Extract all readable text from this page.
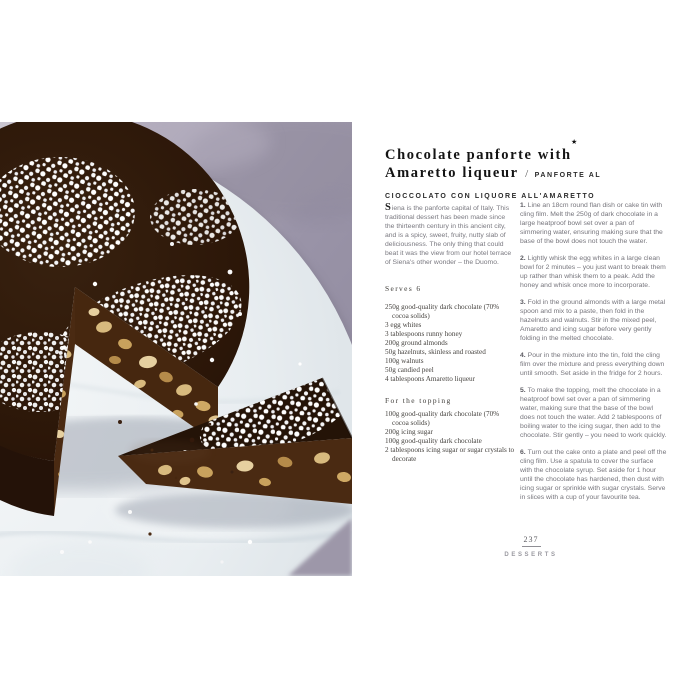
★
Chocolate panforte with
Amaretto liqueur / PANFORTE AL
CIOCCOLATO CON LIQUORE ALL'AMARETTO

Siena is the panforte capital of Italy. This traditional dessert has been made since the thirteenth century in this ancient city, and is a spicy, sweet, fruity, nutty slab of deliciousness. The only thing that could beat it was the view from our hotel terrace of Siena's other wonder – the Duomo.

Serves 6

250g good-quality dark chocolate (70% cocoa solids)
3 egg whites
3 tablespoons runny honey
200g ground almonds
50g hazelnuts, skinless and roasted
100g walnuts
50g candied peel
4 tablespoons Amaretto liqueur

For the topping

100g good-quality dark chocolate (70% cocoa solids)
200g icing sugar
100g good-quality dark chocolate
2 tablespoons icing sugar or sugar crystals to decorate

1. Line an 18cm round flan dish or cake tin with cling film. Melt the 250g of dark chocolate in a large heatproof bowl set over a pan of simmering water, ensuring making sure that the base of the bowl does not touch the water.

2. Lightly whisk the egg whites in a large clean bowl for 2 minutes – you just want to break them up rather than whisk them to a peak. Add the honey and whisk once more to incorporate.

3. Fold in the ground almonds with a large metal spoon and mix to a paste, then fold in the hazelnuts and walnuts. Stir in the mixed peel, Amaretto and icing sugar before very gently folding in the melted chocolate.

4. Pour in the mixture into the tin, fold the cling film over the mixture and press everything down until smooth. Set aside in the fridge for 2 hours.

5. To make the topping, melt the chocolate in a heatproof bowl set over a pan of simmering water, making sure that the base of the bowl does not touch the water. Add 2 tablespoons of boiling water to the icing sugar, then add to the chocolate. Stir gently – you need to work quickly.

6. Turn out the cake onto a plate and peel off the cling film. Use a spatula to cover the surface with the chocolate syrup. Set aside for 1 hour until the chocolate has hardened, then dust with icing sugar or sprinkle with sugar crystals. Serve in slices with a cup of your favourite tea.

237
DESSERTS
